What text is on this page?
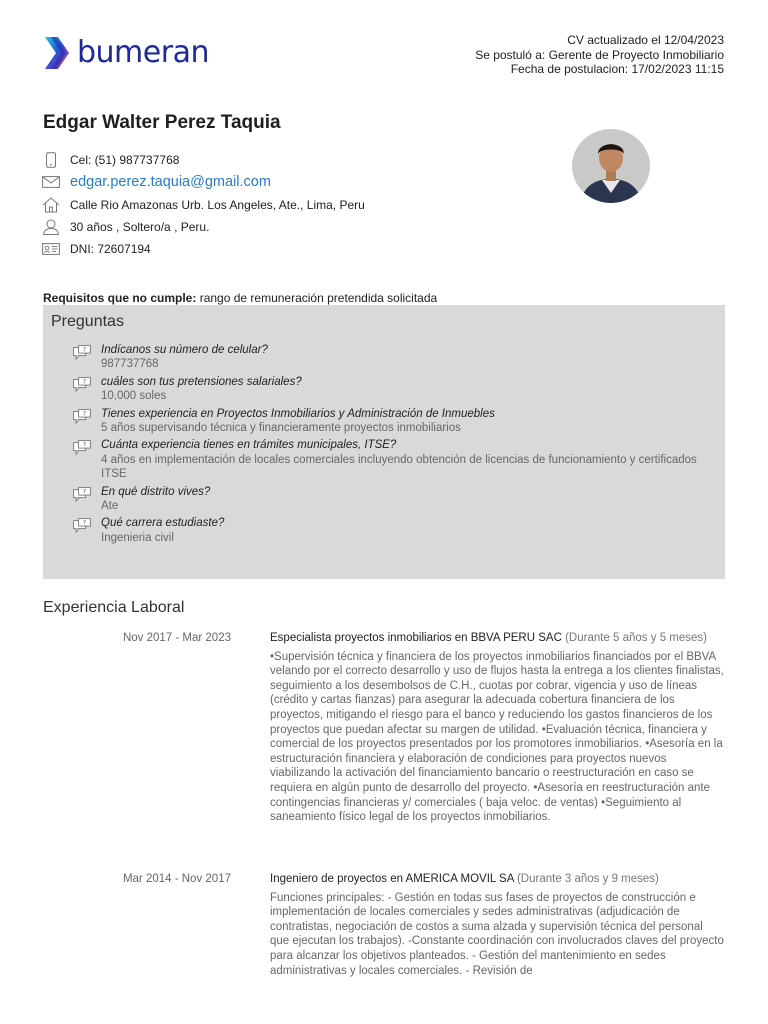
bumeran	CV actualizado el 12/04/2023
Se postuló a: Gerente de Proyecto Inmobiliario
Fecha de postulacion: 17/02/2023 11:15
Edgar Walter Perez Taquia
Cel: (51) 987737768
edgar.perez.taquia@gmail.com
Calle Rio Amazonas Urb. Los Angeles, Ate., Lima, Peru
30 años , Soltero/a , Peru.
DNI: 72607194
Requisitos que no cumple: rango de remuneración pretendida solicitada
Preguntas
? Indícanos su número de celular?
987737768
? cuáles son tus pretensiones salariales?
10,000 soles
? Tienes experiencia en Proyectos Inmobiliarios y Administración de Inmuebles
5 años supervisando técnica y financieramente proyectos inmobiliarios
? Cuánta experiencia tienes en trámites municipales, ITSE?
4 años en implementación de locales comerciales incluyendo obtención de licencias de funcionamiento y certificados ITSE
? En qué distrito vives?
Ate
? Qué carrera estudiaste?
Ingenieria civil
Experiencia Laboral
Nov 2017 - Mar 2023	Especialista proyectos inmobiliarios en BBVA PERU SAC (Durante 5 años y 5 meses)
•Supervisión técnica y financiera de los proyectos inmobiliarios financiados por el BBVA velando por el correcto desarrollo y uso de flujos hasta la entrega a los clientes finalistas, seguimiento a los desembolsos de C.H., cuotas por cobrar, vigencia y uso de líneas (crédito y cartas fianzas) para asegurar la adecuada cobertura financiera de los proyectos, mitigando el riesgo para el banco y reduciendo los gastos financieros de los proyectos que puedan afectar su margen de utilidad. •Evaluación técnica, financiera y comercial de los proyectos presentados por los promotores inmobiliarios. •Asesoría en la estructuración financiera y elaboración de condiciones para proyectos nuevos viabilizando la activación del financiamiento bancario o reestructuración en caso se requiera en algún punto de desarrollo del proyecto. •Asesoría en reestructuración ante contingencias financieras y/ comerciales ( baja veloc. de ventas) •Seguimiento al saneamiento físico legal de los proyectos inmobiliarios.
Mar 2014 - Nov 2017	Ingeniero de proyectos en AMERICA MOVIL SA (Durante 3 años y 9 meses)
Funciones principales: - Gestión en todas sus fases de proyectos de construcción e implementación de locales comerciales y sedes administrativas (adjudicación de contratistas, negociación de costos a suma alzada y supervisión técnica del personal que ejecutan los trabajos). -Constante coordinación con involucrados claves del proyecto para alcanzar los objetivos planteados. - Gestión del mantenimiento en sedes administrativas y locales comerciales. - Revisión de
